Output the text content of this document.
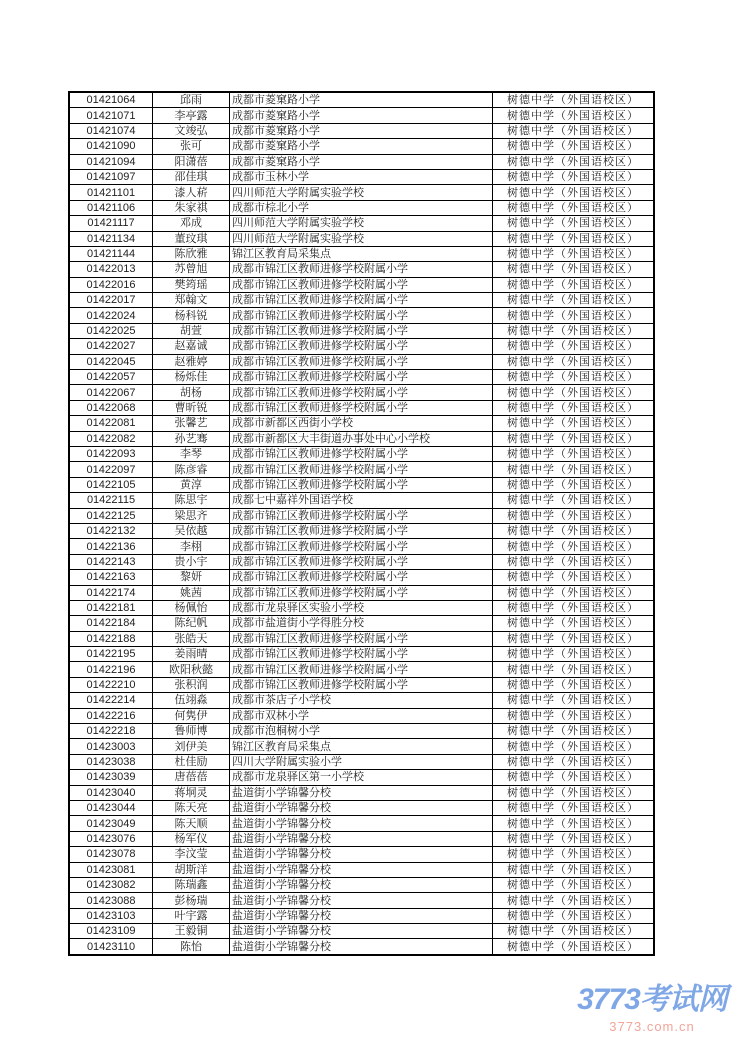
01421064	邱雨	成都市菱窠路小学	树德中学（外国语校区）
01421071	李亭露	成都市菱窠路小学	树德中学（外国语校区）
01421074	文竣弘	成都市菱窠路小学	树德中学（外国语校区）
01421090	张可	成都市菱窠路小学	树德中学（外国语校区）
01421094	阳潇蓓	成都市菱窠路小学	树德中学（外国语校区）
01421097	邵佳琪	成都市玉林小学	树德中学（外国语校区）
01421101	漆人菥	四川师范大学附属实验学校	树德中学（外国语校区）
01421106	朱家祺	成都市棕北小学	树德中学（外国语校区）
01421117	邓成	四川师范大学附属实验学校	树德中学（外国语校区）
01421134	董玟琪	四川师范大学附属实验学校	树德中学（外国语校区）
01421144	陈欣雅	锦江区教育局采集点	树德中学（外国语校区）
01422013	苏曾旭	成都市锦江区教师进修学校附属小学	树德中学（外国语校区）
01422016	樊筠瑶	成都市锦江区教师进修学校附属小学	树德中学（外国语校区）
01422017	郑翰文	成都市锦江区教师进修学校附属小学	树德中学（外国语校区）
01422024	杨科锐	成都市锦江区教师进修学校附属小学	树德中学（外国语校区）
01422025	胡萱	成都市锦江区教师进修学校附属小学	树德中学（外国语校区）
01422027	赵嘉诚	成都市锦江区教师进修学校附属小学	树德中学（外国语校区）
01422045	赵雅婷	成都市锦江区教师进修学校附属小学	树德中学（外国语校区）
01422057	杨烁佳	成都市锦江区教师进修学校附属小学	树德中学（外国语校区）
01422067	胡杨	成都市锦江区教师进修学校附属小学	树德中学（外国语校区）
01422068	曹昕锐	成都市锦江区教师进修学校附属小学	树德中学（外国语校区）
01422081	张馨艺	成都市新都区西街小学校	树德中学（外国语校区）
01422082	孙艺骞	成都市新都区大丰街道办事处中心小学校	树德中学（外国语校区）
01422093	李琴	成都市锦江区教师进修学校附属小学	树德中学（外国语校区）
01422097	陈彦睿	成都市锦江区教师进修学校附属小学	树德中学（外国语校区）
01422105	黄淳	成都市锦江区教师进修学校附属小学	树德中学（外国语校区）
01422115	陈思宇	成都七中嘉祥外国语学校	树德中学（外国语校区）
01422125	梁思齐	成都市锦江区教师进修学校附属小学	树德中学（外国语校区）
01422132	吴依越	成都市锦江区教师进修学校附属小学	树德中学（外国语校区）
01422136	李栩	成都市锦江区教师进修学校附属小学	树德中学（外国语校区）
01422143	贵小宇	成都市锦江区教师进修学校附属小学	树德中学（外国语校区）
01422163	黎妍	成都市锦江区教师进修学校附属小学	树德中学（外国语校区）
01422174	姚茜	成都市锦江区教师进修学校附属小学	树德中学（外国语校区）
01422181	杨佩怡	成都市龙泉驿区实验小学校	树德中学（外国语校区）
01422184	陈纪帆	成都市盐道街小学得胜分校	树德中学（外国语校区）
01422188	张皓天	成都市锦江区教师进修学校附属小学	树德中学（外国语校区）
01422195	姜雨晴	成都市锦江区教师进修学校附属小学	树德中学（外国语校区）
01422196	欧阳秋懿	成都市锦江区教师进修学校附属小学	树德中学（外国语校区）
01422210	张积润	成都市锦江区教师进修学校附属小学	树德中学（外国语校区）
01422214	伍翊淼	成都市茶店子小学校	树德中学（外国语校区）
01422216	何隽伊	成都市双林小学	树德中学（外国语校区）
01422218	鲁师博	成都市泡桐树小学	树德中学（外国语校区）
01423003	刘伊美	锦江区教育局采集点	树德中学（外国语校区）
01423038	杜佳励	四川大学附属实验小学	树德中学（外国语校区）
01423039	唐蓓蓓	成都市龙泉驿区第一小学校	树德中学（外国语校区）
01423040	蒋垌灵	盐道街小学锦馨分校	树德中学（外国语校区）
01423044	陈天亮	盐道街小学锦馨分校	树德中学（外国语校区）
01423049	陈天顺	盐道街小学锦馨分校	树德中学（外国语校区）
01423076	杨军仪	盐道街小学锦馨分校	树德中学（外国语校区）
01423078	李汶莹	盐道街小学锦馨分校	树德中学（外国语校区）
01423081	胡斯洋	盐道街小学锦馨分校	树德中学（外国语校区）
01423082	陈瑞鑫	盐道街小学锦馨分校	树德中学（外国语校区）
01423088	彭杨瑞	盐道街小学锦馨分校	树德中学（外国语校区）
01423103	叶宇露	盐道街小学锦馨分校	树德中学（外国语校区）
01423109	王毅铜	盐道街小学锦馨分校	树德中学（外国语校区）
01423110	陈怡	盐道街小学锦馨分校	树德中学（外国语校区）
3773考试网
3773.com.cn
